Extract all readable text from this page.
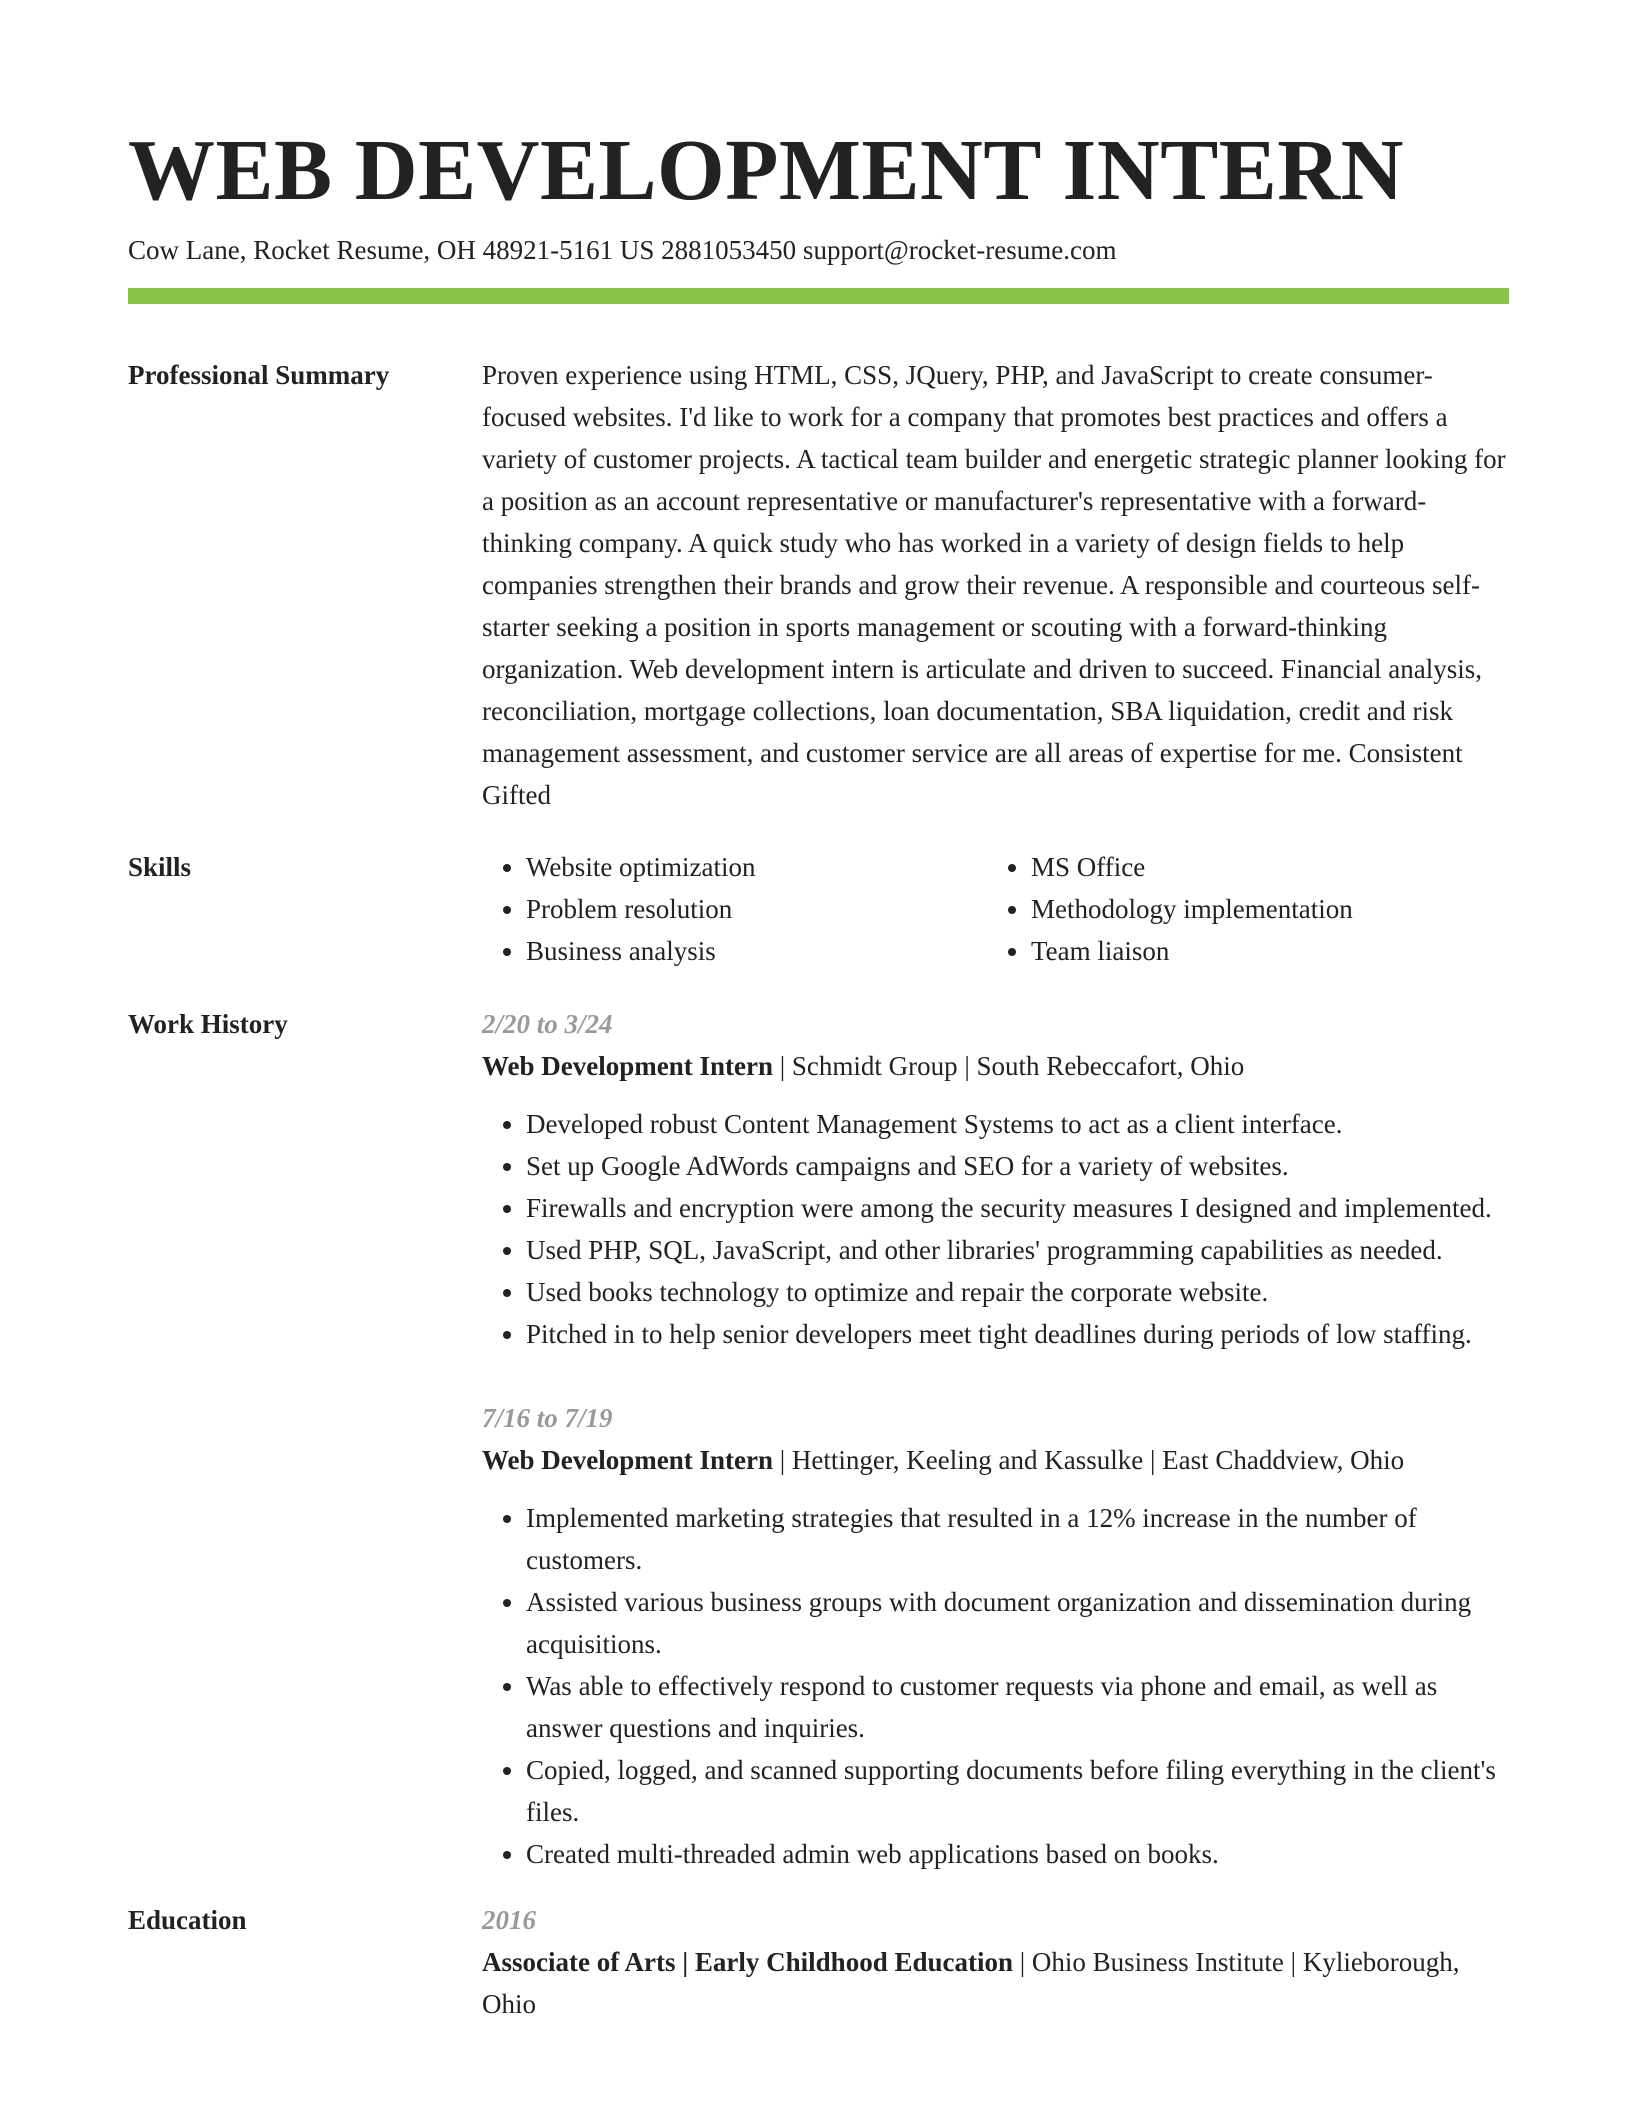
WEB DEVELOPMENT INTERN
Cow Lane, Rocket Resume, OH 48921-5161 US 2881053450 support@rocket-resume.com
Professional Summary	Proven experience using HTML, CSS, JQuery, PHP, and JavaScript to create consumer-focused websites. I'd like to work for a company that promotes best practices and offers a variety of customer projects. A tactical team builder and energetic strategic planner looking for a position as an account representative or manufacturer's representative with a forward-thinking company. A quick study who has worked in a variety of design fields to help companies strengthen their brands and grow their revenue. A responsible and courteous self-starter seeking a position in sports management or scouting with a forward-thinking organization. Web development intern is articulate and driven to succeed. Financial analysis, reconciliation, mortgage collections, loan documentation, SBA liquidation, credit and risk management assessment, and customer service are all areas of expertise for me. Consistent Gifted

Skills
•	Website optimization
• Problem resolution
• Business analysis
• MS Office
• Methodology implementation
• Team liaison
Work History	2/20 to 3/24
Web Development Intern | Schmidt Group | South Rebeccafort, Ohio
• Developed robust Content Management Systems to act as a client interface.
• Set up Google AdWords campaigns and SEO for a variety of websites.
• Firewalls and encryption were among the security measures I designed and implemented.
• Used PHP, SQL, JavaScript, and other libraries' programming capabilities as needed.
• Used books technology to optimize and repair the corporate website.
• Pitched in to help senior developers meet tight deadlines during periods of low staffing.
7/16 to 7/19
Web Development Intern | Hettinger, Keeling and Kassulke | East Chaddview, Ohio
• Implemented marketing strategies that resulted in a 12% increase in the number of customers.
• Assisted various business groups with document organization and dissemination during acquisitions.
• Was able to effectively respond to customer requests via phone and email, as well as answer questions and inquiries.
• Copied, logged, and scanned supporting documents before filing everything in the client's files.
• Created multi-threaded admin web applications based on books.
Education	2016
Associate of Arts | Early Childhood Education | Ohio Business Institute | Kylieborough, Ohio
